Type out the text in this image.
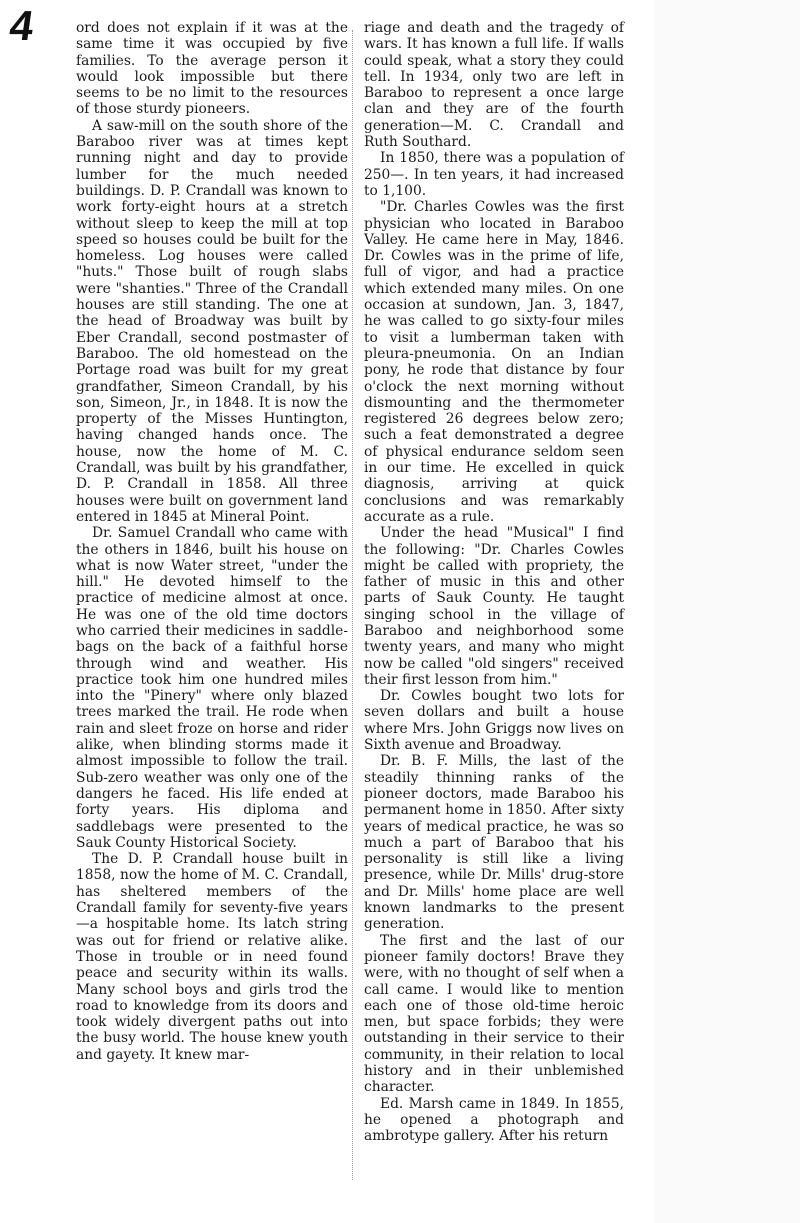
4	ord does not explain if it was at the same time it was occupied by five families. To the average person it would look impossible but there seems to be no limit to the resources of those sturdy pioneers.

A saw-mill on the south shore of the Baraboo river was at times kept running night and day to provide lumber for the much needed buildings. D. P. Crandall was known to work forty-eight hours at a stretch without sleep to keep the mill at top speed so houses could be built for the homeless. Log houses were called "huts." Those built of rough slabs were "shanties." Three of the Crandall houses are still standing. The one at the head of Broadway was built by Eber Crandall, second postmaster of Baraboo. The old homestead on the Portage road was built for my great grandfather, Simeon Crandall, by his son, Simeon, Jr., in 1848. It is now the property of the Misses Huntington, having changed hands once. The house, now the home of M. C. Crandall, was built by his grandfather, D. P. Crandall in 1858. All three houses were built on government land entered in 1845 at Mineral Point.

Dr. Samuel Crandall who came with the others in 1846, built his house on what is now Water street, "under the hill." He devoted himself to the practice of medicine almost at once. He was one of the old time doctors who carried their medicines in saddle-bags on the back of a faithful horse through wind and weather. His practice took him one hundred miles into the "Pinery" where only blazed trees marked the trail. He rode when rain and sleet froze on horse and rider alike, when blinding storms made it almost impossible to follow the trail. Sub-zero weather was only one of the dangers he faced. His life ended at forty years. His diploma and saddlebags were presented to the Sauk County Historical Society.

The D. P. Crandall house built in 1858, now the home of M. C. Crandall, has sheltered members of the Crandall family for seventy-five years—a hospitable home. Its latch string was out for friend or relative alike. Those in trouble or in need found peace and security within its walls. Many school boys and girls trod the road to knowledge from its doors and took widely divergent paths out into the busy world. The house knew youth and gayety. It knew mar-

riage and death and the tragedy of wars. It has known a full life. If walls could speak, what a story they could tell. In 1934, only two are left in Baraboo to represent a once large clan and they are of the fourth generation—M. C. Crandall and Ruth Southard.

In 1850, there was a population of 250—. In ten years, it had increased to 1,100.

"Dr. Charles Cowles was the first physician who located in Baraboo Valley. He came here in May, 1846. Dr. Cowles was in the prime of life, full of vigor, and had a practice which extended many miles. On one occasion at sundown, Jan. 3, 1847, he was called to go sixty-four miles to visit a lumberman taken with pleura-pneumonia. On an Indian pony, he rode that distance by four o'clock the next morning without dismounting and the thermometer registered 26 degrees below zero; such a feat demonstrated a degree of physical endurance seldom seen in our time. He excelled in quick diagnosis, arriving at quick conclusions and was remarkably accurate as a rule.

Under the head "Musical" I find the following: "Dr. Charles Cowles might be called with propriety, the father of music in this and other parts of Sauk County. He taught singing school in the village of Baraboo and neighborhood some twenty years, and many who might now be called "old singers" received their first lesson from him."

Dr. Cowles bought two lots for seven dollars and built a house where Mrs. John Griggs now lives on Sixth avenue and Broadway.

Dr. B. F. Mills, the last of the steadily thinning ranks of the pioneer doctors, made Baraboo his permanent home in 1850. After sixty years of medical practice, he was so much a part of Baraboo that his personality is still like a living presence, while Dr. Mills' drug-store and Dr. Mills' home place are well known landmarks to the present generation.

The first and the last of our pioneer family doctors! Brave they were, with no thought of self when a call came. I would like to mention each one of those old-time heroic men, but space forbids; they were outstanding in their service to their community, in their relation to local history and in their unblemished character.

Ed. Marsh came in 1849. In 1855, he opened a photograph and ambrotype gallery. After his return
